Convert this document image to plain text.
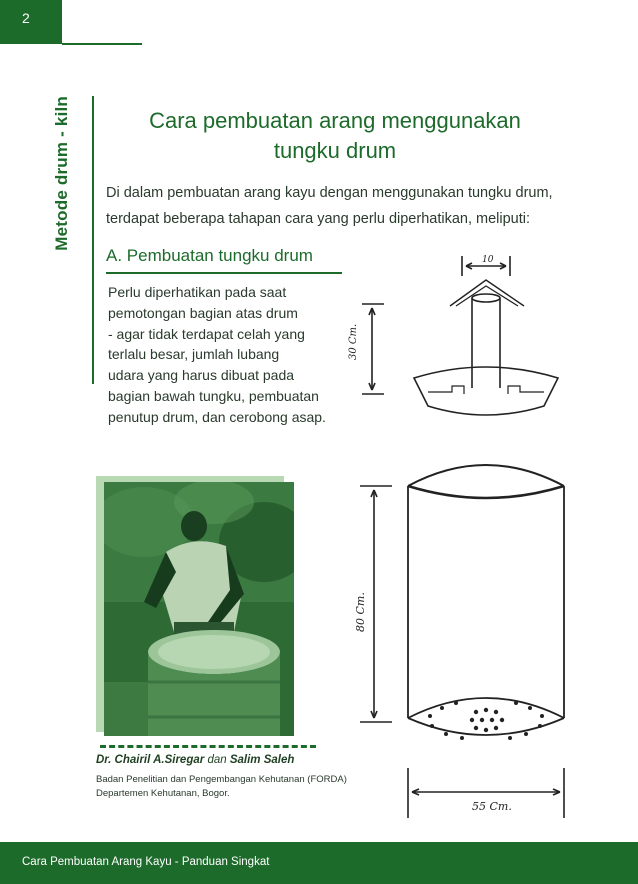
2
Metode drum - kiln	Cara pembuatan arang menggunakan
tungku drum
Di dalam pembuatan arang kayu dengan menggunakan tungku drum,
terdapat beberapa tahapan cara yang perlu diperhatikan, meliputi:
A. Pembuatan tungku drum
Perlu diperhatikan pada saat
pemotongan bagian atas drum
- agar tidak terdapat celah yang
terlalu besar, jumlah lubang
udara yang harus dibuat pada
bagian bawah tungku, pembuatan
penutup drum, dan cerobong asap.
Dr. Chairil A.Siregar dan Salim Saleh
Badan Penelitian dan Pengembangan Kehutanan (FORDA)
Departemen Kehutanan, Bogor.
10
30 Cm.
80 Cm.
55 Cm.
Cara Pembuatan Arang Kayu - Panduan Singkat
